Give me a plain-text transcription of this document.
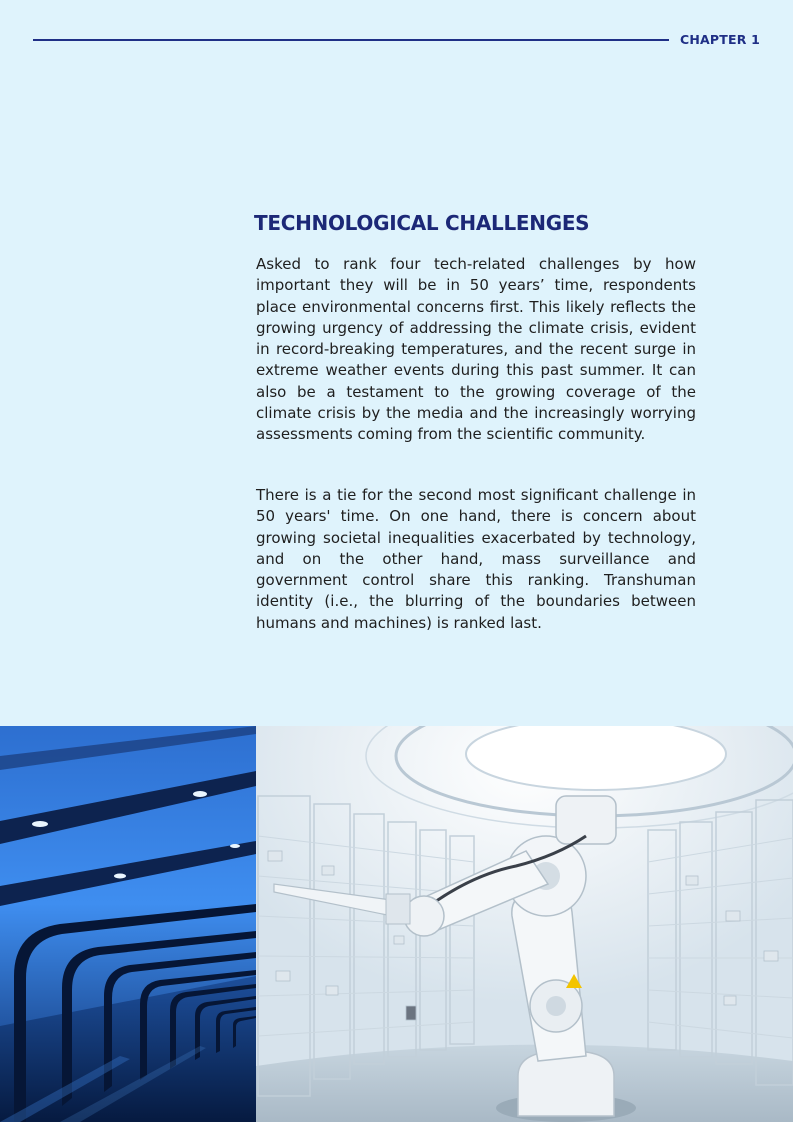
CHAPTER 1
TECHNOLOGICAL CHALLENGES

Asked to rank four tech-related challenges by how important they will be in 50 years’ time, respondents place environmental concerns first. This likely reflects the growing urgency of addressing the climate crisis, evident in record-breaking temperatures, and the recent surge in extreme weather events during this past summer. It can also be a testament to the growing coverage of the climate crisis by the media and the increasingly worrying assessments coming from the scientific community.

There is a tie for the second most significant challenge in 50 years' time. On one hand, there is concern about growing societal inequalities exacerbated by technology, and on the other hand, mass surveillance and government control share this ranking. Transhuman identity (i.e., the blurring of the boundaries between humans and machines) is ranked last.
